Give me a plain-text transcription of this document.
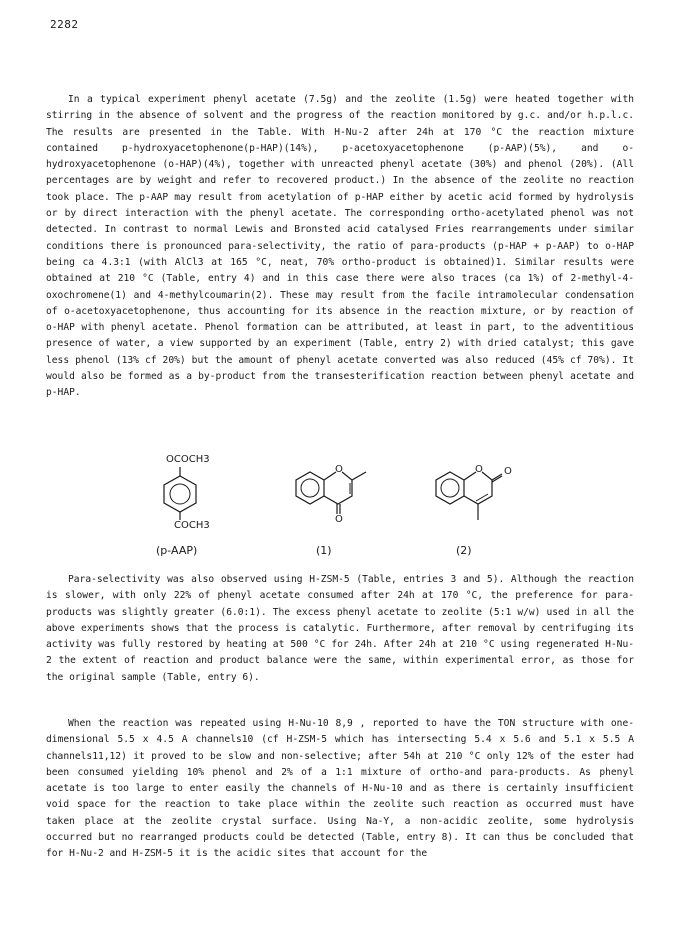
2282

In a typical experiment phenyl acetate (7.5g) and the zeolite (1.5g) were heated together with stirring in the absence of solvent and the progress of the reaction monitored by g.c. and/or h.p.l.c. The results are presented in the Table. With H-Nu-2 after 24h at 170 °C the reaction mixture contained p-hydroxyacetophenone(p-HAP)(14%), p-acetoxyacetophenone (p-AAP)(5%), and o-hydroxyacetophenone (o-HAP)(4%), together with unreacted phenyl acetate (30%) and phenol (20%). (All percentages are by weight and refer to recovered product.) In the absence of the zeolite no reaction took place. The p-AAP may result from acetylation of p-HAP either by acetic acid formed by hydrolysis or by direct interaction with the phenyl acetate. The corresponding ortho-acetylated phenol was not detected. In contrast to normal Lewis and Bronsted acid catalysed Fries rearrangements under similar conditions there is pronounced para-selectivity, the ratio of para-products (p-HAP + p-AAP) to o-HAP being ca 4.3:1 (with AlCl3 at 165 °C, neat, 70% ortho-product is obtained)1. Similar results were obtained at 210 °C (Table, entry 4) and in this case there were also traces (ca 1%) of 2-methyl-4-oxochromene(1) and 4-methylcoumarin(2). These may result from the facile intramolecular condensation of o-acetoxyacetophenone, thus accounting for its absence in the reaction mixture, or by reaction of o-HAP with phenyl acetate. Phenol formation can be attributed, at least in part, to the adventitious presence of water, a view supported by an experiment (Table, entry 2) with dried catalyst; this gave less phenol (13% cf 20%) but the amount of phenyl acetate converted was also reduced (45% cf 70%). It would also be formed as a by-product from the transesterification reaction between phenyl acetate and p-HAP.

OCOCH3
COCH3
(p-AAP)
O
O
(1)
O O
(2)

Para-selectivity was also observed using H-ZSM-5 (Table, entries 3 and 5). Although the reaction is slower, with only 22% of phenyl acetate consumed after 24h at 170 °C, the preference for para-products was slightly greater (6.0:1). The excess phenyl acetate to zeolite (5:1 w/w) used in all the above experiments shows that the process is catalytic. Furthermore, after removal by centrifuging its activity was fully restored by heating at 500 °C for 24h. After 24h at 210 °C using regenerated H-Nu-2 the extent of reaction and product balance were the same, within experimental error, as those for the original sample (Table, entry 6).

When the reaction was repeated using H-Nu-10 8,9 , reported to have the TON structure with one-dimensional 5.5 x 4.5 A channels10 (cf H-ZSM-5 which has intersecting 5.4 x 5.6 and 5.1 x 5.5 A channels11,12) it proved to be slow and non-selective; after 54h at 210 °C only 12% of the ester had been consumed yielding 10% phenol and 2% of a 1:1 mixture of ortho-and para-products. As phenyl acetate is too large to enter easily the channels of H-Nu-10 and as there is certainly insufficient void space for the reaction to take place within the zeolite such reaction as occurred must have taken place at the zeolite crystal surface. Using Na-Y, a non-acidic zeolite, some hydrolysis occurred but no rearranged products could be detected (Table, entry 8). It can thus be concluded that for H-Nu-2 and H-ZSM-5 it is the acidic sites that account for the
